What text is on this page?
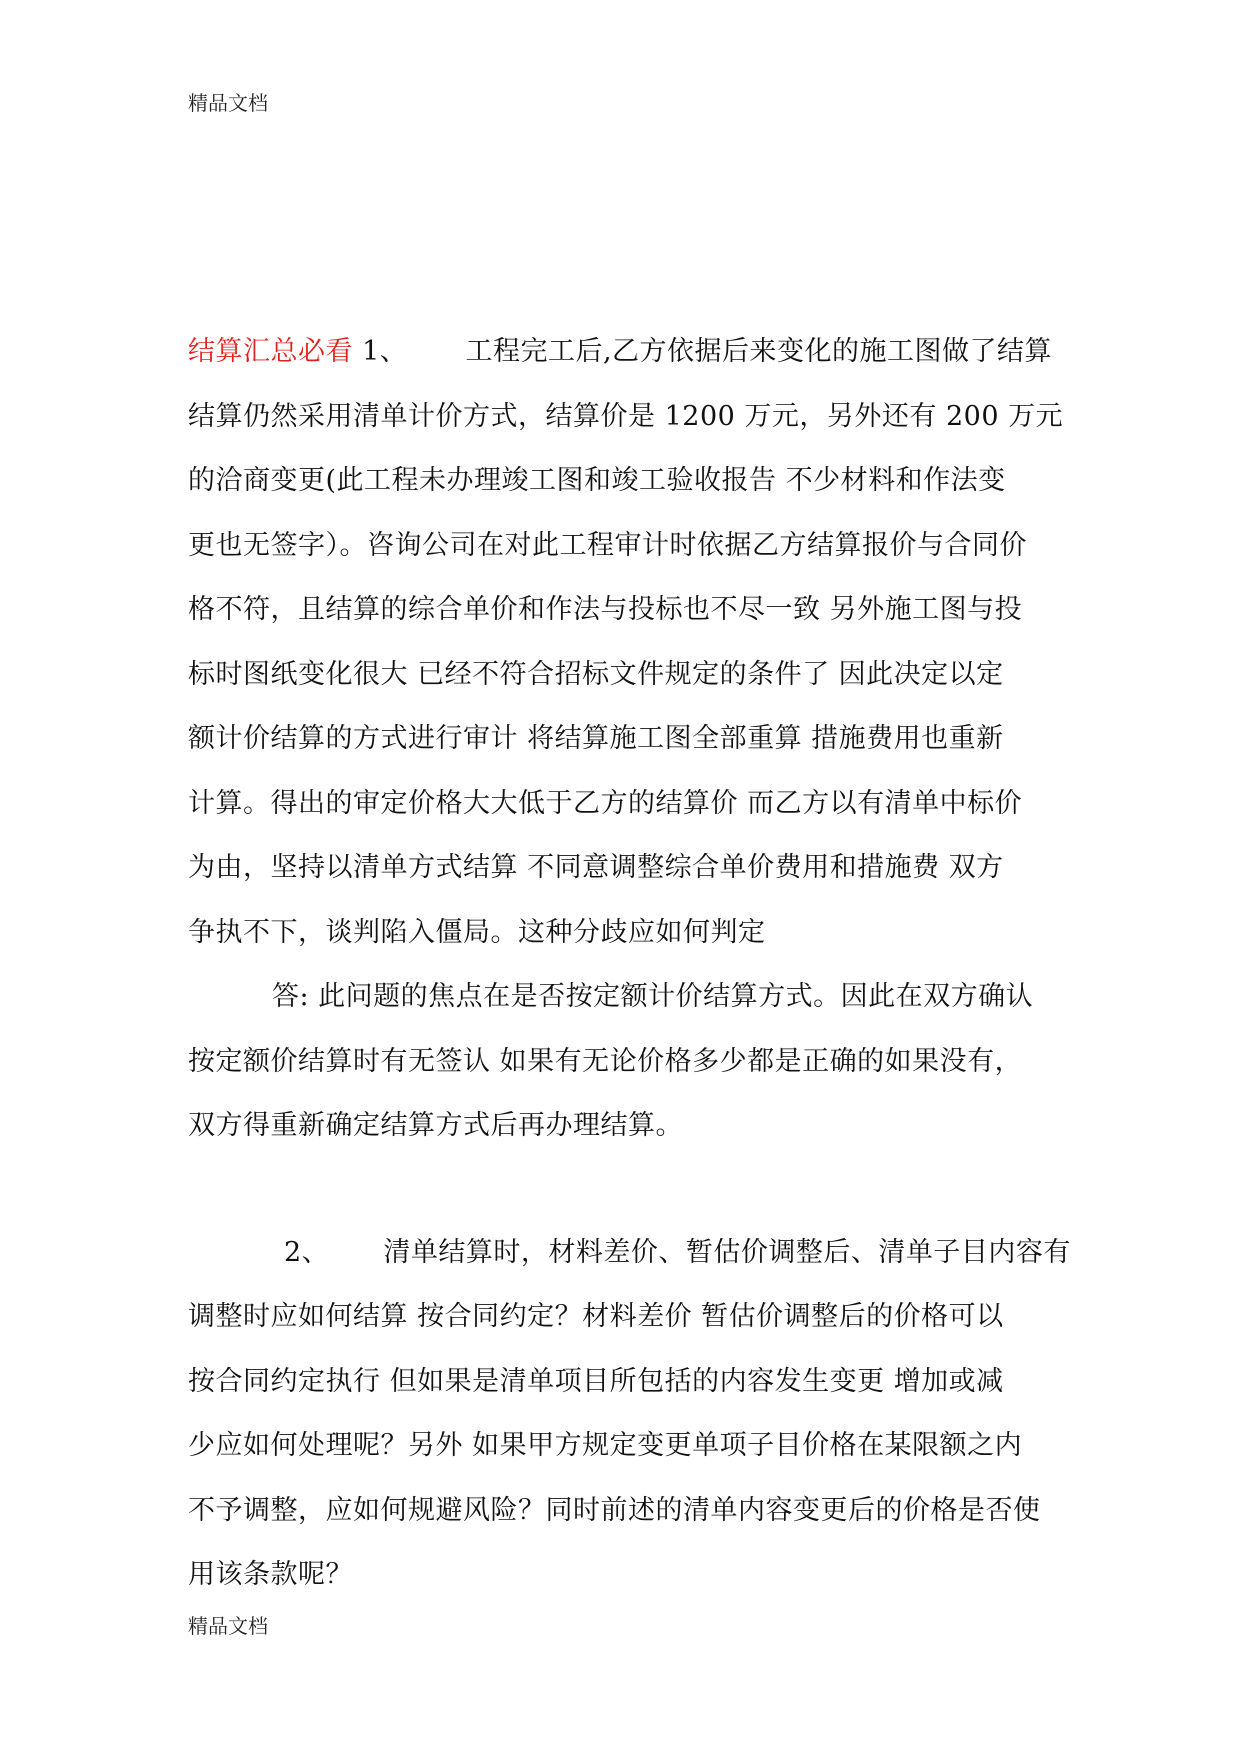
精品文档
结算汇总必看 1、 工程完工后,乙方依据后来变化的施工图做了结算
结算仍然采用清单计价方式，结算价是 1200 万元，另外还有 200 万元
的洽商变更(此工程未办理竣工图和竣工验收报告 不少材料和作法变
更也无签字）。咨询公司在对此工程审计时依据乙方结算报价与合同价
格不符，且结算的综合单价和作法与投标也不尽一致 另外施工图与投
标时图纸变化很大 已经不符合招标文件规定的条件了 因此决定以定
额计价结算的方式进行审计 将结算施工图全部重算 措施费用也重新
计算。得出的审定价格大大低于乙方的结算价 而乙方以有清单中标价
为由，坚持以清单方式结算 不同意调整综合单价费用和措施费 双方
争执不下，谈判陷入僵局。这种分歧应如何判定
答: 此问题的焦点在是否按定额计价结算方式。因此在双方确认
按定额价结算时有无签认 如果有无论价格多少都是正确的如果没有，
双方得重新确定结算方式后再办理结算。
2、 清单结算时，材料差价、暂估价调整后、清单子目内容有
调整时应如何结算 按合同约定？材料差价 暂估价调整后的价格可以
按合同约定执行 但如果是清单项目所包括的内容发生变更 增加或减
少应如何处理呢？另外 如果甲方规定变更单项子目价格在某限额之内
不予调整，应如何规避风险？同时前述的清单内容变更后的价格是否使
用该条款呢？
精品文档
